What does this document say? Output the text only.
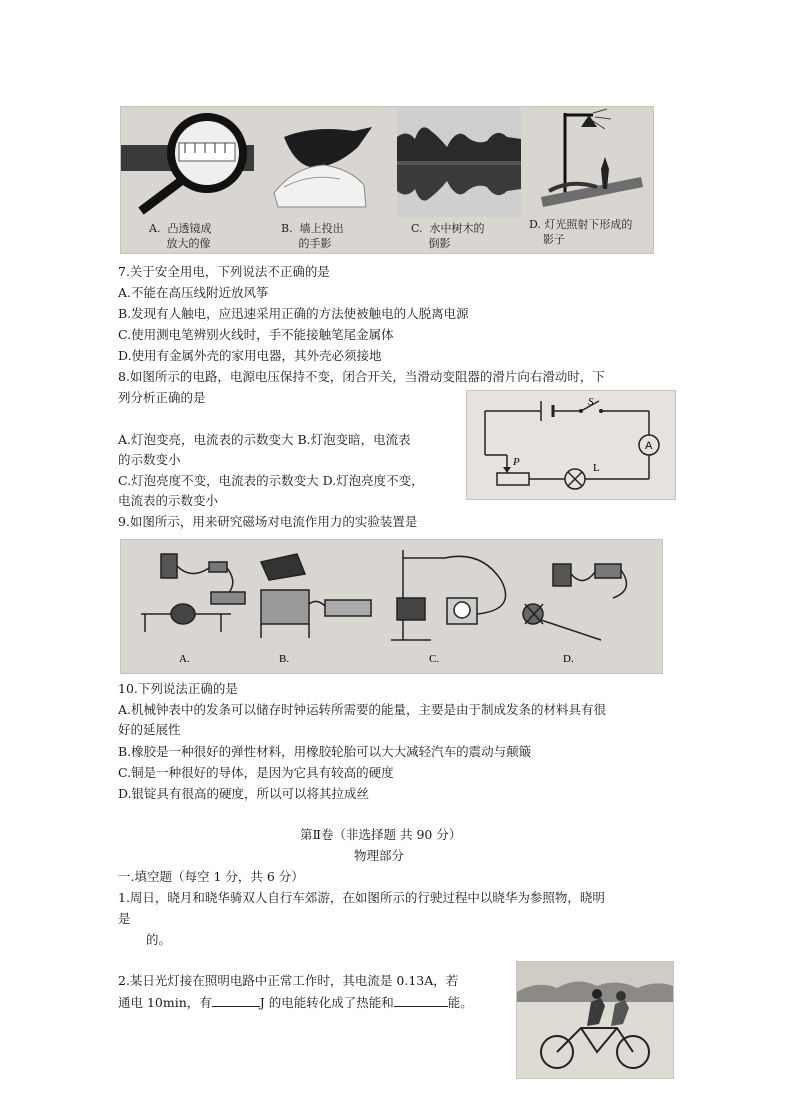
A. 凸透镜成
放大的像
B. 墙上投出
的手影
C. 水中树木的
倒影
D. 灯光照射下形成的
影子
7.关于安全用电，下列说法不正确的是
A.不能在高压线附近放风筝
B.发现有人触电，应迅速采用正确的方法使被触电的人脱离电源
C.使用测电笔辨别火线时，手不能接触笔尾金属体
D.使用有金属外壳的家用电器，其外壳必须接地
8.如图所示的电路，电源电压保持不变，闭合开关，当滑动变阻器的滑片向右滑动时，下
列分析正确的是
A.灯泡变亮，电流表的示数变大 B.灯泡变暗，电流表
的示数变小
C.灯泡亮度不变，电流表的示数变大 D.灯泡亮度不变，
电流表的示数变小
S
A
P	L
9.如图所示，用来研究磁场对电流作用力的实验装置是
A.	B.	C.	D.
10.下列说法正确的是
A.机械钟表中的发条可以储存时钟运转所需要的能量，主要是由于制成发条的材料具有很
好的延展性
B.橡胶是一种很好的弹性材料，用橡胶轮胎可以大大减轻汽车的震动与颠簸
C.铜是一种很好的导体，是因为它具有较高的硬度
D.银锭具有很高的硬度，所以可以将其拉成丝
第Ⅱ卷（非选择题 共 90 分）
物理部分
一.填空题（每空 1 分，共 6 分）
1.周日，晓月和晓华骑双人自行车郊游，在如图所示的行驶过程中以晓华为参照物，晓明
是
的。
2.某日光灯接在照明电路中正常工作时，其电流是 0.13A，若
通电 10min，有	J 的电能转化成了热能和	能。
